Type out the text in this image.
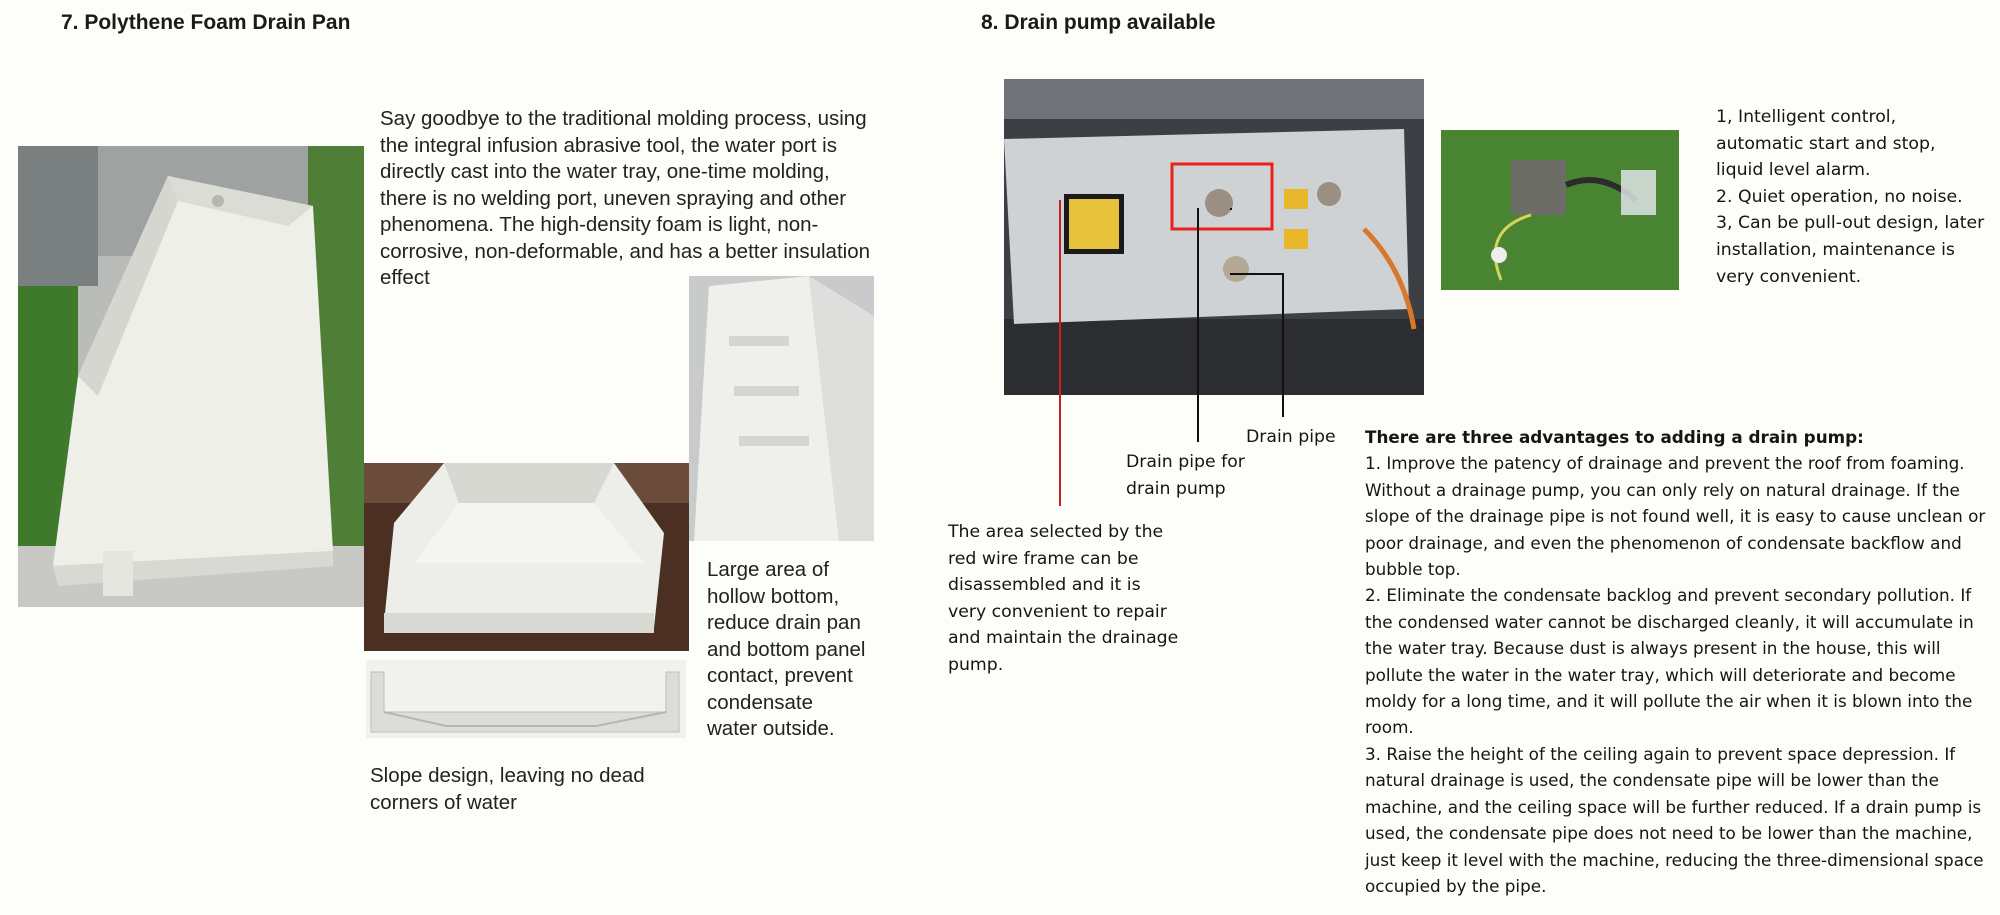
7. Polythene Foam Drain Pan
Say goodbye to the traditional molding process, using the integral infusion abrasive tool, the water port is directly cast into the water tray, one-time molding, there is no welding port, uneven spraying and other phenomena. The high-density foam is light, non-corrosive, non-deformable, and has a better insulation effect
Large area of hollow bottom, reduce drain pan and bottom panel contact, prevent condensate water outside.
Slope design, leaving no dead corners of water
8. Drain pump available
1, Intelligent control, automatic start and stop, liquid level alarm.
2. Quiet operation, no noise.
3, Can be pull-out design, later installation, maintenance is very convenient.
Drain pipe
Drain pipe for drain pump
The area selected by the red wire frame can be disassembled and it is very convenient to repair and maintain the drainage pump.
There are three advantages to adding a drain pump:
1. Improve the patency of drainage and prevent the roof from foaming. Without a drainage pump, you can only rely on natural drainage. If the slope of the drainage pipe is not found well, it is easy to cause unclean or poor drainage, and even the phenomenon of condensate backflow and bubble top.
2. Eliminate the condensate backlog and prevent secondary pollution. If the condensed water cannot be discharged cleanly, it will accumulate in the water tray. Because dust is always present in the house, this will pollute the water in the water tray, which will deteriorate and become moldy for a long time, and it will pollute the air when it is blown into the room.
3. Raise the height of the ceiling again to prevent space depression. If natural drainage is used, the condensate pipe will be lower than the machine, and the ceiling space will be further reduced. If a drain pump is used, the condensate pipe does not need to be lower than the machine, just keep it level with the machine, reducing the three-dimensional space occupied by the pipe.
